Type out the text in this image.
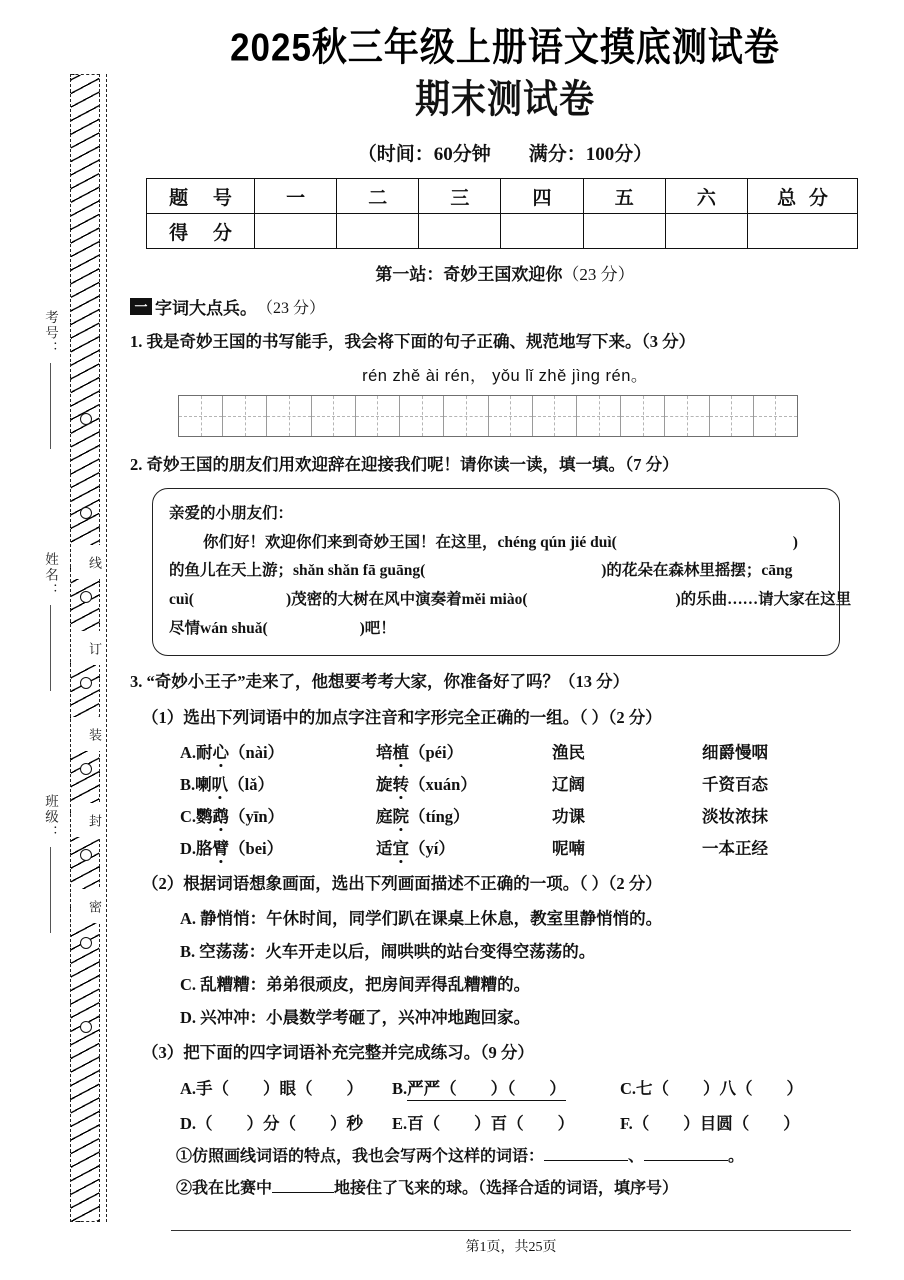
考号：
姓名：
班级：
线
订
装
封
密
2025秋三年级上册语文摸底测试卷
期末测试卷
（时间：60分钟 满分：100分）
题 号	一	二	三	四	五	六	总 分
得 分							
第一站：奇妙王国欢迎你（23 分）
一 字词大点兵。 （23 分）
1. 我是奇妙王国的书写能手，我会将下面的句子正确、规范地写下来。（3 分）
rén zhě ài rén， yǒu lǐ zhě jìng rén。
2. 奇妙王国的朋友们用欢迎辞在迎接我们呢！请你读一读，填一填。（7 分）
亲爱的小朋友们：
你们好！欢迎你们来到奇妙王国！在这里，chéng qún jié duì(	)
的鱼儿在天上游；shǎn shǎn fā guāng(	)的花朵在森林里摇摆；cāng
cuì(	)茂密的大树在风中演奏着měi miào(	)的乐曲……请大家在这里
尽情wán shuǎ(	)吧！
3. “奇妙小王子”走来了，他想要考考大家，你准备好了吗？（13 分）
（1）选出下列词语中的加点字注音和字形完全正确的一组。（ ）（2 分）
A.耐心（nài）	培植（péi）	渔民	细爵慢咽
B.喇叭（lǎ）	旋转（xuán）	辽阔	千资百态
C.鹦鹉（yīn）	庭院（tíng）	功课	淡妆浓抹
D.胳臂（bei）	适宜（yí）	呢喃	一本正经
（2）根据词语想象画面，选出下列画面描述不正确的一项。（ ）（2 分）
A. 静悄悄：午休时间，同学们趴在课桌上休息，教室里静悄悄的。
B. 空荡荡：火车开走以后，闹哄哄的站台变得空荡荡的。
C. 乱糟糟：弟弟很顽皮，把房间弄得乱糟糟的。
D. 兴冲冲：小晨数学考砸了，兴冲冲地跑回家。
（3）把下面的四字词语补充完整并完成练习。（9 分）
A.手（ ）眼（ ）	B.严严（ ）（ ）	C.七（ ）八（ ）
D.（ ）分（ ）秒	E.百（ ）百（ ）	F.（ ）目圆（ ）
①仿照画线词语的特点，我也会写两个这样的词语：	、	。
②我在比赛中	地接住了飞来的球。（选择合适的词语，填序号）
第1页，共25页
